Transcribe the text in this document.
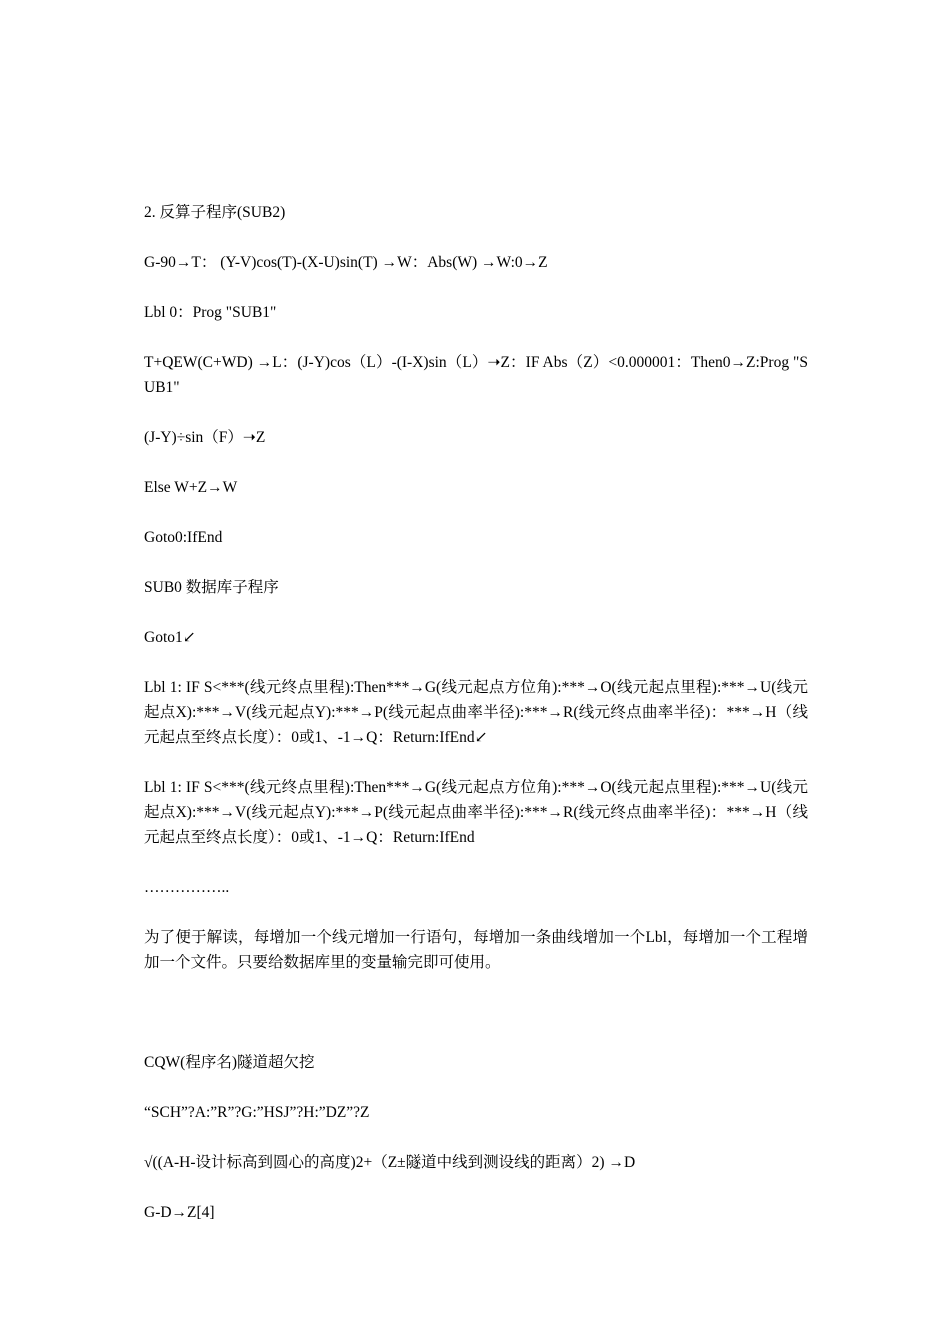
2. 反算子程序(SUB2)

G-90→T： (Y-V)cos(T)-(X-U)sin(T) →W：Abs(W) →W:0→Z

Lbl 0：Prog "SUB1"

T+QEW(C+WD) →L：(J-Y)cos（L）-(I-X)sin（L）➝Z：IF Abs（Z）<0.000001：Then0→Z:Prog "SUB1"

(J-Y)÷sin（F）➝Z

Else W+Z→W

Goto0:IfEnd

SUB0 数据库子程序

Goto1↙

Lbl 1: IF S<***(线元终点里程):Then***→G(线元起点方位角):***→O(线元起点里程):***→U(线元起点X):***→V(线元起点Y):***→P(线元起点曲率半径):***→R(线元终点曲率半径)：***→H（线元起点至终点长度）：0或1、-1→Q：Return:IfEnd↙

Lbl 1: IF S<***(线元终点里程):Then***→G(线元起点方位角):***→O(线元起点里程):***→U(线元起点X):***→V(线元起点Y):***→P(线元起点曲率半径):***→R(线元终点曲率半径)：***→H（线元起点至终点长度）：0或1、-1→Q：Return:IfEnd

……………..

为了便于解读，每增加一个线元增加一行语句，每增加一条曲线增加一个Lbl，每增加一个工程增加一个文件。只要给数据库里的变量输完即可使用。

CQW(程序名)隧道超欠挖

“SCH”?A:”R”?G:”HSJ”?H:”DZ”?Z

√((A-H-设计标高到圆心的高度)2+（Z±隧道中线到测设线的距离）2) →D

G-D→Z[4]
